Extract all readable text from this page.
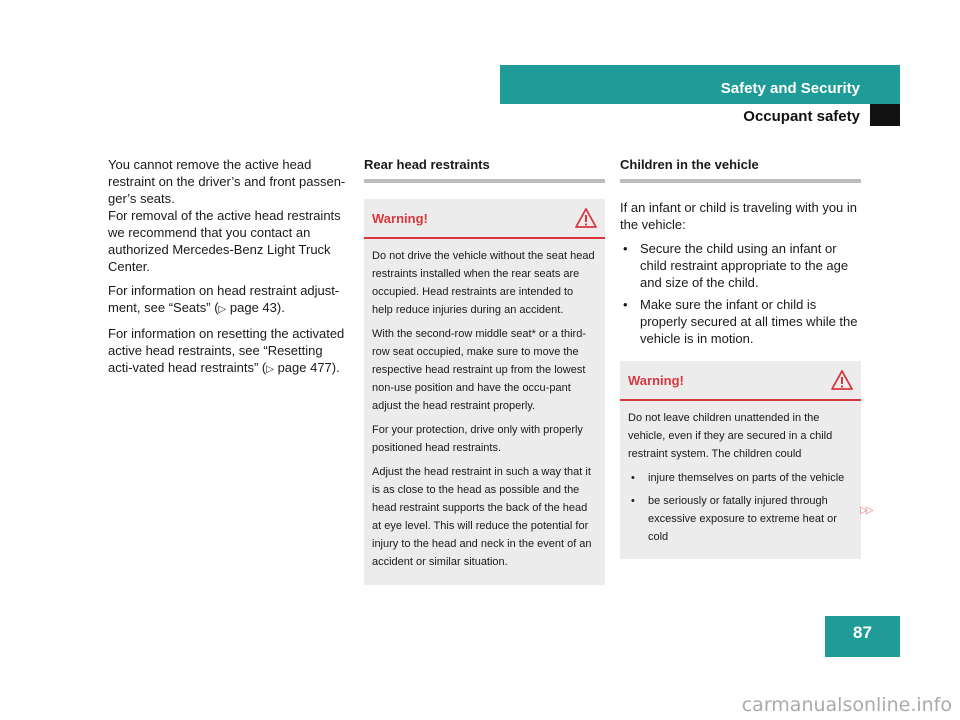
Safety and Security
Occupant safety

You cannot remove the active head restraint on the driver’s and front passen-ger’s seats.
For removal of the active head restraints we recommend that you contact an authorized Mercedes-Benz Light Truck Center.

For information on head restraint adjust-ment, see “Seats” (▷ page 43).

For information on resetting the activated active head restraints, see “Resetting acti-vated head restraints” (▷ page 477).

Rear head restraints
Warning!

Do not drive the vehicle without the seat head restraints installed when the rear seats are occupied. Head restraints are intended to help reduce injuries during an accident.

With the second-row middle seat* or a third-row seat occupied, make sure to move the respective head restraint up from the lowest non-use position and have the occu-pant adjust the head restraint properly.

For your protection, drive only with properly positioned head restraints.

Adjust the head restraint in such a way that it is as close to the head as possible and the head restraint supports the back of the head at eye level. This will reduce the potential for injury to the head and neck in the event of an accident or similar situation.

Children in the vehicle

If an infant or child is traveling with you in the vehicle:

• Secure the child using an infant or child restraint appropriate to the age and size of the child.
• Make sure the infant or child is properly secured at all times while the vehicle is in motion.
Warning!

Do not leave children unattended in the vehicle, even if they are secured in a child restraint system. The children could

• injure themselves on parts of the vehicle
• be seriously or fatally injured through excessive exposure to extreme heat or cold
▷▷
87
carmanualsonline.info
